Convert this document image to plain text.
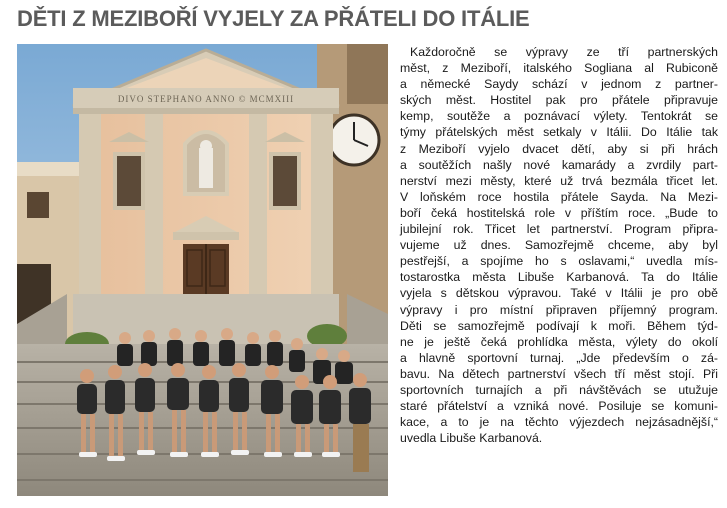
DĚTI Z MEZIBOŘÍ VYJELY ZA PŘÁTELI DO ITÁLIE
DIVO STEPHANO ANNO © MCMXIII
Každoročně se výpravy ze tří partnerských
měst, z Meziboří, italského Sogliana al Rubiconě
a německé Saydy schází v jednom z partner-
ských měst. Hostitel pak pro přátele připravuje
kemp, soutěže a poznávací výlety. Tentokrát se
týmy přátelských měst setkaly v Itálii. Do Itálie tak
z Meziboří vyjelo dvacet dětí, aby si při hrách
a soutěžích našly nové kamarády a zvrdily part-
nerství mezi městy, které už trvá bezmála třicet let.
V loňském roce hostila přátele Sayda. Na Mezi-
boří čeká hostitelská role v příštím roce. „Bude to
jubilejní rok. Třicet let partnerství. Program připra-
vujeme už dnes. Samozřejmě chceme, aby byl
pestřejší, a spojíme ho s oslavami,“ uvedla mís-
tostarostka města Libuše Karbanová. Ta do Itálie
vyjela s dětskou výpravou. Také v Itálii je pro obě
výpravy i pro místní připraven příjemný program.
Děti se samozřejmě podívají k moři. Během týd-
ne je ještě čeká prohlídka města, výlety do okolí
a hlavně sportovní turnaj. „Jde především o zá-
bavu. Na dětech partnerství všech tří měst stojí. Při
sportovních turnajích a při návštěvách se utužuje
staré přátelství a vzniká nové. Posiluje se komuni-
kace, a to je na těchto výjezdech nejzásadnější,“
uvedla Libuše Karbanová.
